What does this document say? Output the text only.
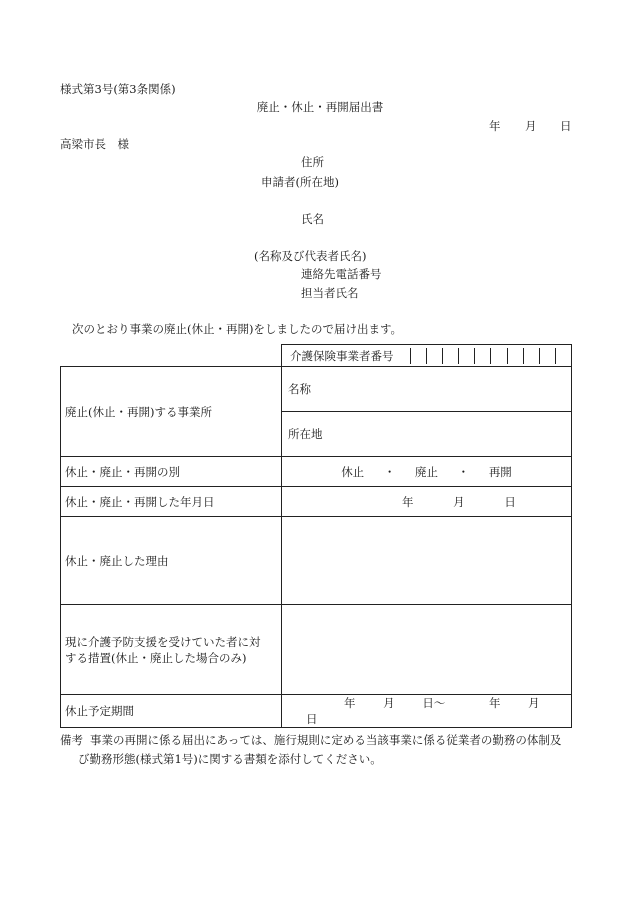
様式第3号(第3条関係)
廃止・休止・再開届出書
年 月 日
高梁市長　様
住所
申請者(所在地)
氏名
(名称及び代表者氏名)
連絡先電話番号
担当者氏名
次のとおり事業の廃止(休止・再開)をしましたので届け出ます。

介護保険事業者番号

廃止(休止・再開)する事業所	名称
	所在地
休止・廃止・再開の別	休止 ・ 廃止 ・ 再開
休止・廃止・再開した年月日	年 月 日
休止・廃止した理由	

現に介護予防支援を受けていた者に対
する措置(休止・廃止した場合のみ)	

休止予定期間	年 月 日〜 年 月 日
備考 事業の再開に係る届出にあっては、施行規則に定める当該事業に係る従業者の勤務の体制及
び勤務形態(様式第1号)に関する書類を添付してください。
